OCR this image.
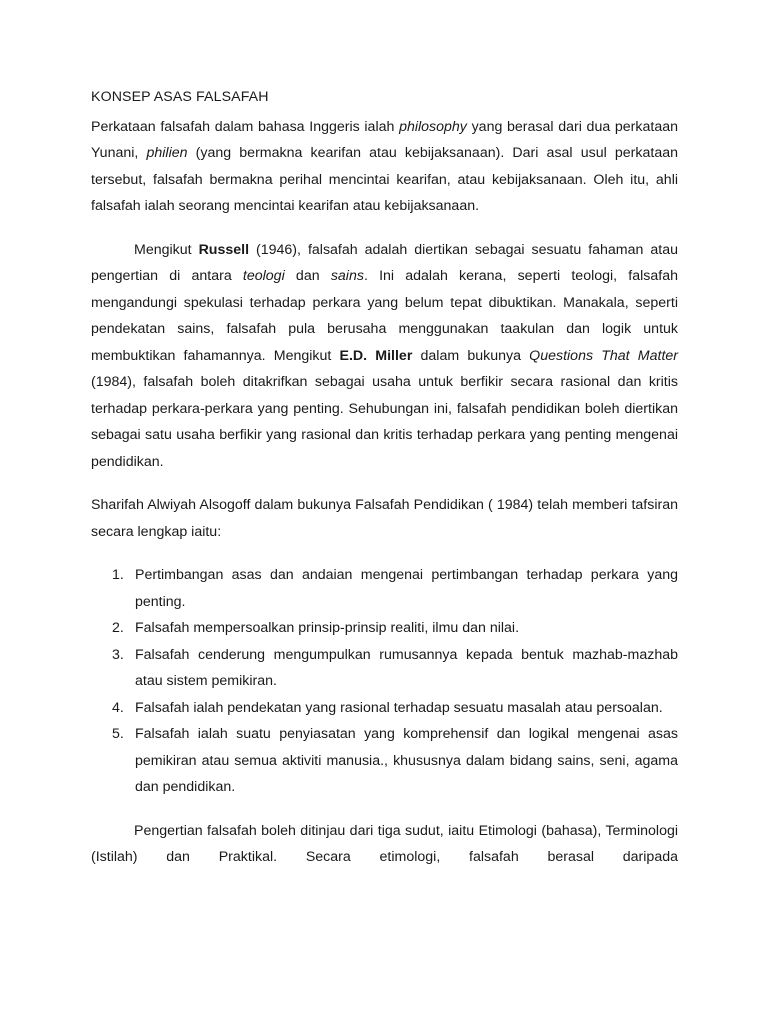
KONSEP ASAS FALSAFAH

Perkataan falsafah dalam bahasa Inggeris ialah philosophy yang berasal dari dua perkataan Yunani, philien (yang bermakna kearifan atau kebijaksanaan). Dari asal usul perkataan tersebut, falsafah bermakna perihal mencintai kearifan, atau kebijaksanaan. Oleh itu, ahli falsafah ialah seorang mencintai kearifan atau kebijaksanaan.

Mengikut Russell (1946), falsafah adalah diertikan sebagai sesuatu fahaman atau pengertian di antara teologi dan sains. Ini adalah kerana, seperti teologi, falsafah mengandungi spekulasi terhadap perkara yang belum tepat dibuktikan. Manakala, seperti pendekatan sains, falsafah pula berusaha menggunakan taakulan dan logik untuk membuktikan fahamannya. Mengikut E.D. Miller dalam bukunya Questions That Matter (1984), falsafah boleh ditakrifkan sebagai usaha untuk berfikir secara rasional dan kritis terhadap perkara-perkara yang penting. Sehubungan ini, falsafah pendidikan boleh diertikan sebagai satu usaha berfikir yang rasional dan kritis terhadap perkara yang penting mengenai pendidikan.

Sharifah Alwiyah Alsogoff dalam bukunya Falsafah Pendidikan ( 1984) telah memberi tafsiran secara lengkap iaitu:

1. Pertimbangan asas dan andaian mengenai pertimbangan terhadap perkara yang penting.
2. Falsafah mempersoalkan prinsip-prinsip realiti, ilmu dan nilai.
3. Falsafah cenderung mengumpulkan rumusannya kepada bentuk mazhab-mazhab atau sistem pemikiran.
4. Falsafah ialah pendekatan yang rasional terhadap sesuatu masalah atau persoalan.
5. Falsafah ialah suatu penyiasatan yang komprehensif dan logikal mengenai asas pemikiran atau semua aktiviti manusia., khususnya dalam bidang sains, seni, agama dan pendidikan.

Pengertian falsafah boleh ditinjau dari tiga sudut, iaitu Etimologi (bahasa), Terminologi (Istilah) dan Praktikal. Secara etimologi, falsafah berasal daripada
